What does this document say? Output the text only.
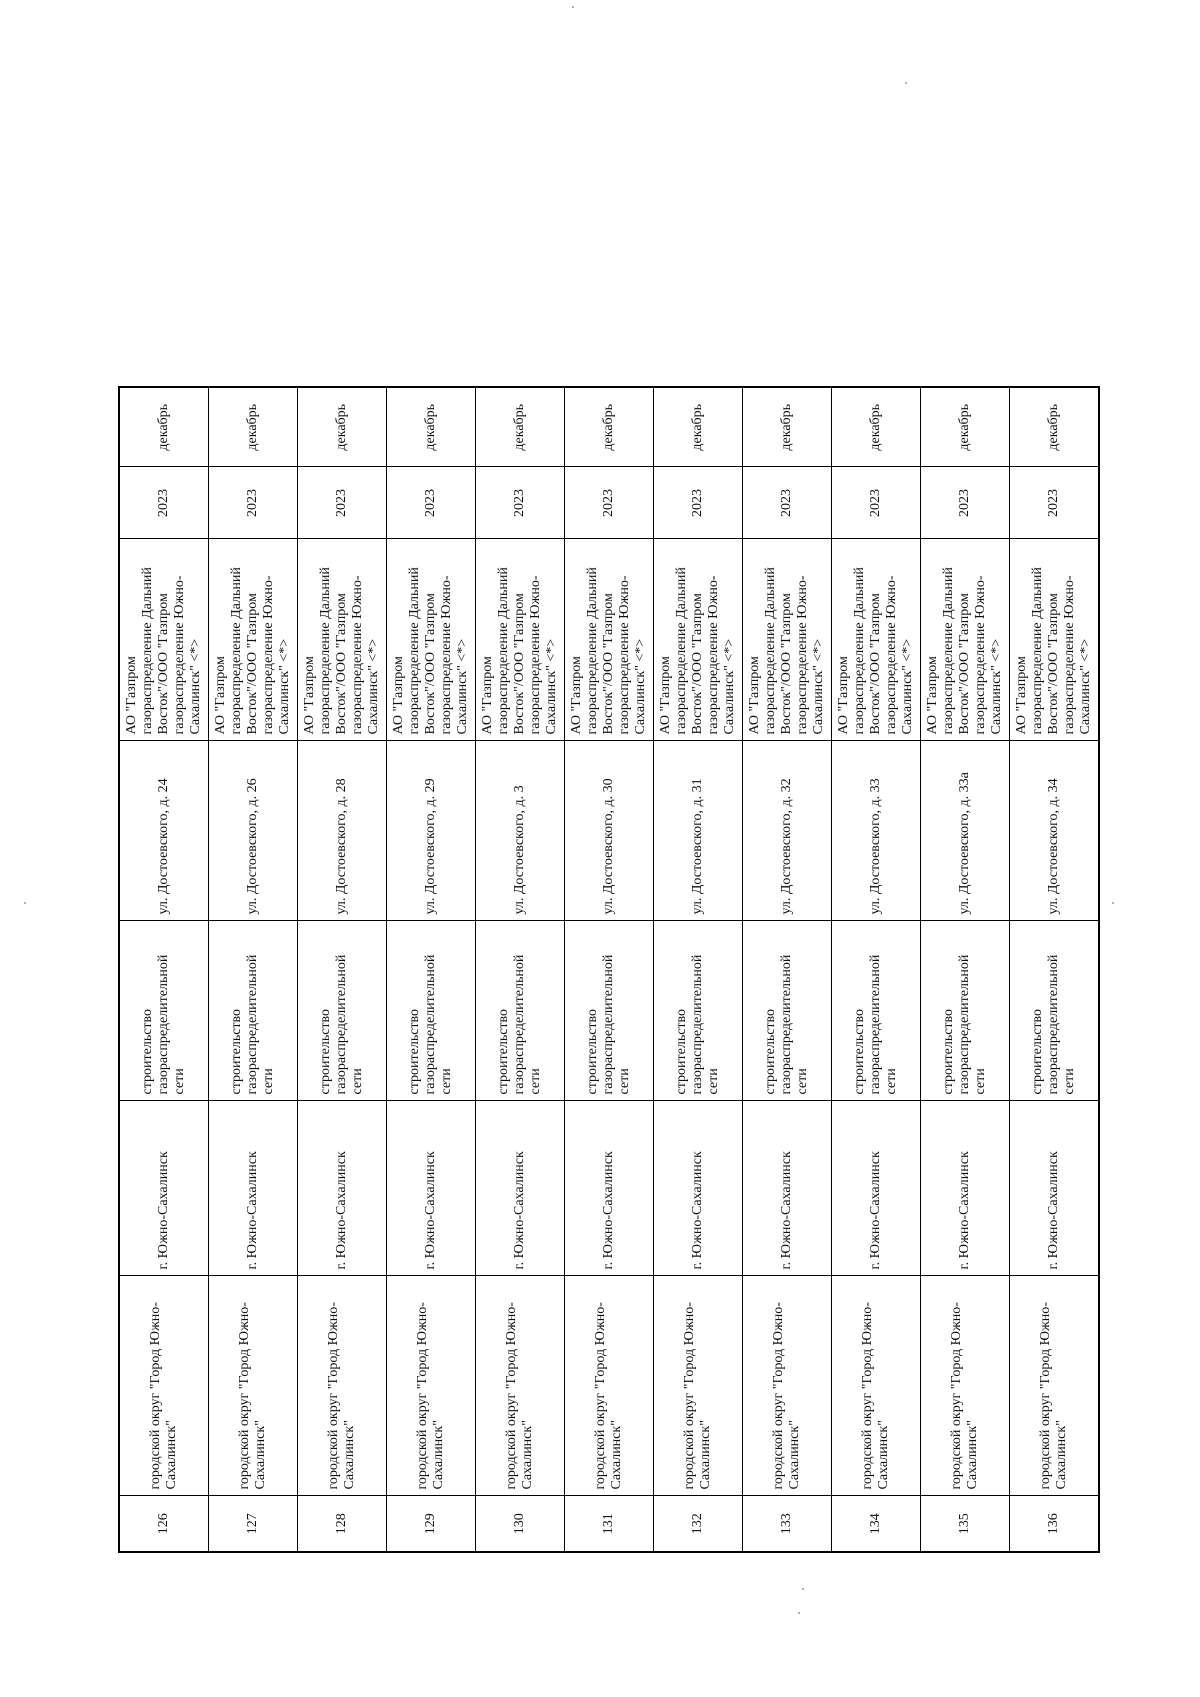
126	городской округ "Город Южно-Сахалинск"	г. Южно-Сахалинск	строительство газораспределительной сети	ул. Достоевского, д. 24	АО "Газпром газораспределение Дальний Восток"/ООО "Газпром газораспределение Южно-Сахалинск" <*>	2023	декабрь
127	городской округ "Город Южно-Сахалинск"	г. Южно-Сахалинск	строительство газораспределительной сети	ул. Достоевского, д. 26	АО "Газпром газораспределение Дальний Восток"/ООО "Газпром газораспределение Южно-Сахалинск" <*>	2023	декабрь
128	городской округ "Город Южно-Сахалинск"	г. Южно-Сахалинск	строительство газораспределительной сети	ул. Достоевского, д. 28	АО "Газпром газораспределение Дальний Восток"/ООО "Газпром газораспределение Южно-Сахалинск" <*>	2023	декабрь
129	городской округ "Город Южно-Сахалинск"	г. Южно-Сахалинск	строительство газораспределительной сети	ул. Достоевского, д. 29	АО "Газпром газораспределение Дальний Восток"/ООО "Газпром газораспределение Южно-Сахалинск" <*>	2023	декабрь
130	городской округ "Город Южно-Сахалинск"	г. Южно-Сахалинск	строительство газораспределительной сети	ул. Достоевского, д. 3	АО "Газпром газораспределение Дальний Восток"/ООО "Газпром газораспределение Южно-Сахалинск" <*>	2023	декабрь
131	городской округ "Город Южно-Сахалинск"	г. Южно-Сахалинск	строительство газораспределительной сети	ул. Достоевского, д. 30	АО "Газпром газораспределение Дальний Восток"/ООО "Газпром газораспределение Южно-Сахалинск" <*>	2023	декабрь
132	городской округ "Город Южно-Сахалинск"	г. Южно-Сахалинск	строительство газораспределительной сети	ул. Достоевского, д. 31	АО "Газпром газораспределение Дальний Восток"/ООО "Газпром газораспределение Южно-Сахалинск" <*>	2023	декабрь
133	городской округ "Город Южно-Сахалинск"	г. Южно-Сахалинск	строительство газораспределительной сети	ул. Достоевского, д. 32	АО "Газпром газораспределение Дальний Восток"/ООО "Газпром газораспределение Южно-Сахалинск" <*>	2023	декабрь
134	городской округ "Город Южно-Сахалинск"	г. Южно-Сахалинск	строительство газораспределительной сети	ул. Достоевского, д. 33	АО "Газпром газораспределение Дальний Восток"/ООО "Газпром газораспределение Южно-Сахалинск" <*>	2023	декабрь
135	городской округ "Город Южно-Сахалинск"	г. Южно-Сахалинск	строительство газораспределительной сети	ул. Достоевского, д. 33а	АО "Газпром газораспределение Дальний Восток"/ООО "Газпром газораспределение Южно-Сахалинск" <*>	2023	декабрь
136	городской округ "Город Южно-Сахалинск"	г. Южно-Сахалинск	строительство газораспределительной сети	ул. Достоевского, д. 34	АО "Газпром газораспределение Дальний Восток"/ООО "Газпром газораспределение Южно-Сахалинск" <*>	2023	декабрь
